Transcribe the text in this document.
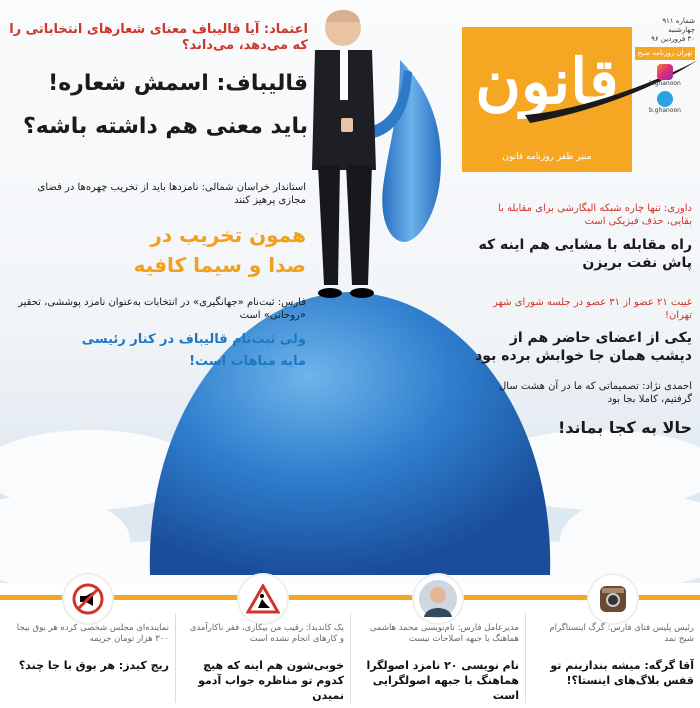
اعتماد: آیا قالیباف معنای شعارهای انتخاباتی را که می‌دهد، می‌داند؟
قالیباف: اسمش شعاره!
باید معنی هم داشته باشه؟
استاندار خراسان شمالی: نامزدها باید از تخریب چهره‌ها در فضای مجازی پرهیز کنند
همون تخریب در
صدا و سیما کافیه
فارس: ثبت‌نام «جهانگیری» در انتخابات به‌عنوان نامزد پوششی، تحقیر «روحانی» است
ولی ثبت‌نام قالیباف در کنار رئیسی
مایه مباهات است!
قانون
منیر ظفر روزنامه قانون
شماره ۹۱۱
چهارشنبه
۳۰ فروردین ۹۶
تهران روزنامه صبح
bighanoon
b.ghanoon
داوری: تنها چاره شبکه الیگارشی برای مقابله با بقایی، حذف فیزیکی است
راه مقابله با مشایی هم اینه که پاش نفت بریزن
غیبت ۲۱ عضو از ۳۱ عضو در جلسه شورای شهر تهران!
یکی از اعضای حاضر هم از دیشب همان جا خوابش برده بود
احمدی نژاد: تصمیماتی که ما در آن هشت سال گرفتیم، کاملا بجا بود
حالا به کجا بماند!
رئیس پلیس فتای فارس: گرگ‌ اینستاگرام شیخ نمد
آقا گرگه: میشه بندازینم تو قفس بلاگ‌های اینستا؟!
مدیرعامل فارس: نام‌نویسی محمد هاشمی هماهنگ با جبهه اصلاحات نیست
نام نویسی ۲۰ نامزد اصولگرا هماهنگ با جبهه اصولگرایی است
یک کاندیدا: رقیب من بیکاری، فقر ناکارآمدی و کارهای انجام نشده است
خوبی‌شون هم اینه که هیچ کدوم تو مناظره جواب آدمو نمیدن
نماینده‌ای مجلس شخصی کرده هر بوق بیجا ۳۰۰ هزار تومان جریمه
ریج کیدز: هر بوق با جا چند؟
